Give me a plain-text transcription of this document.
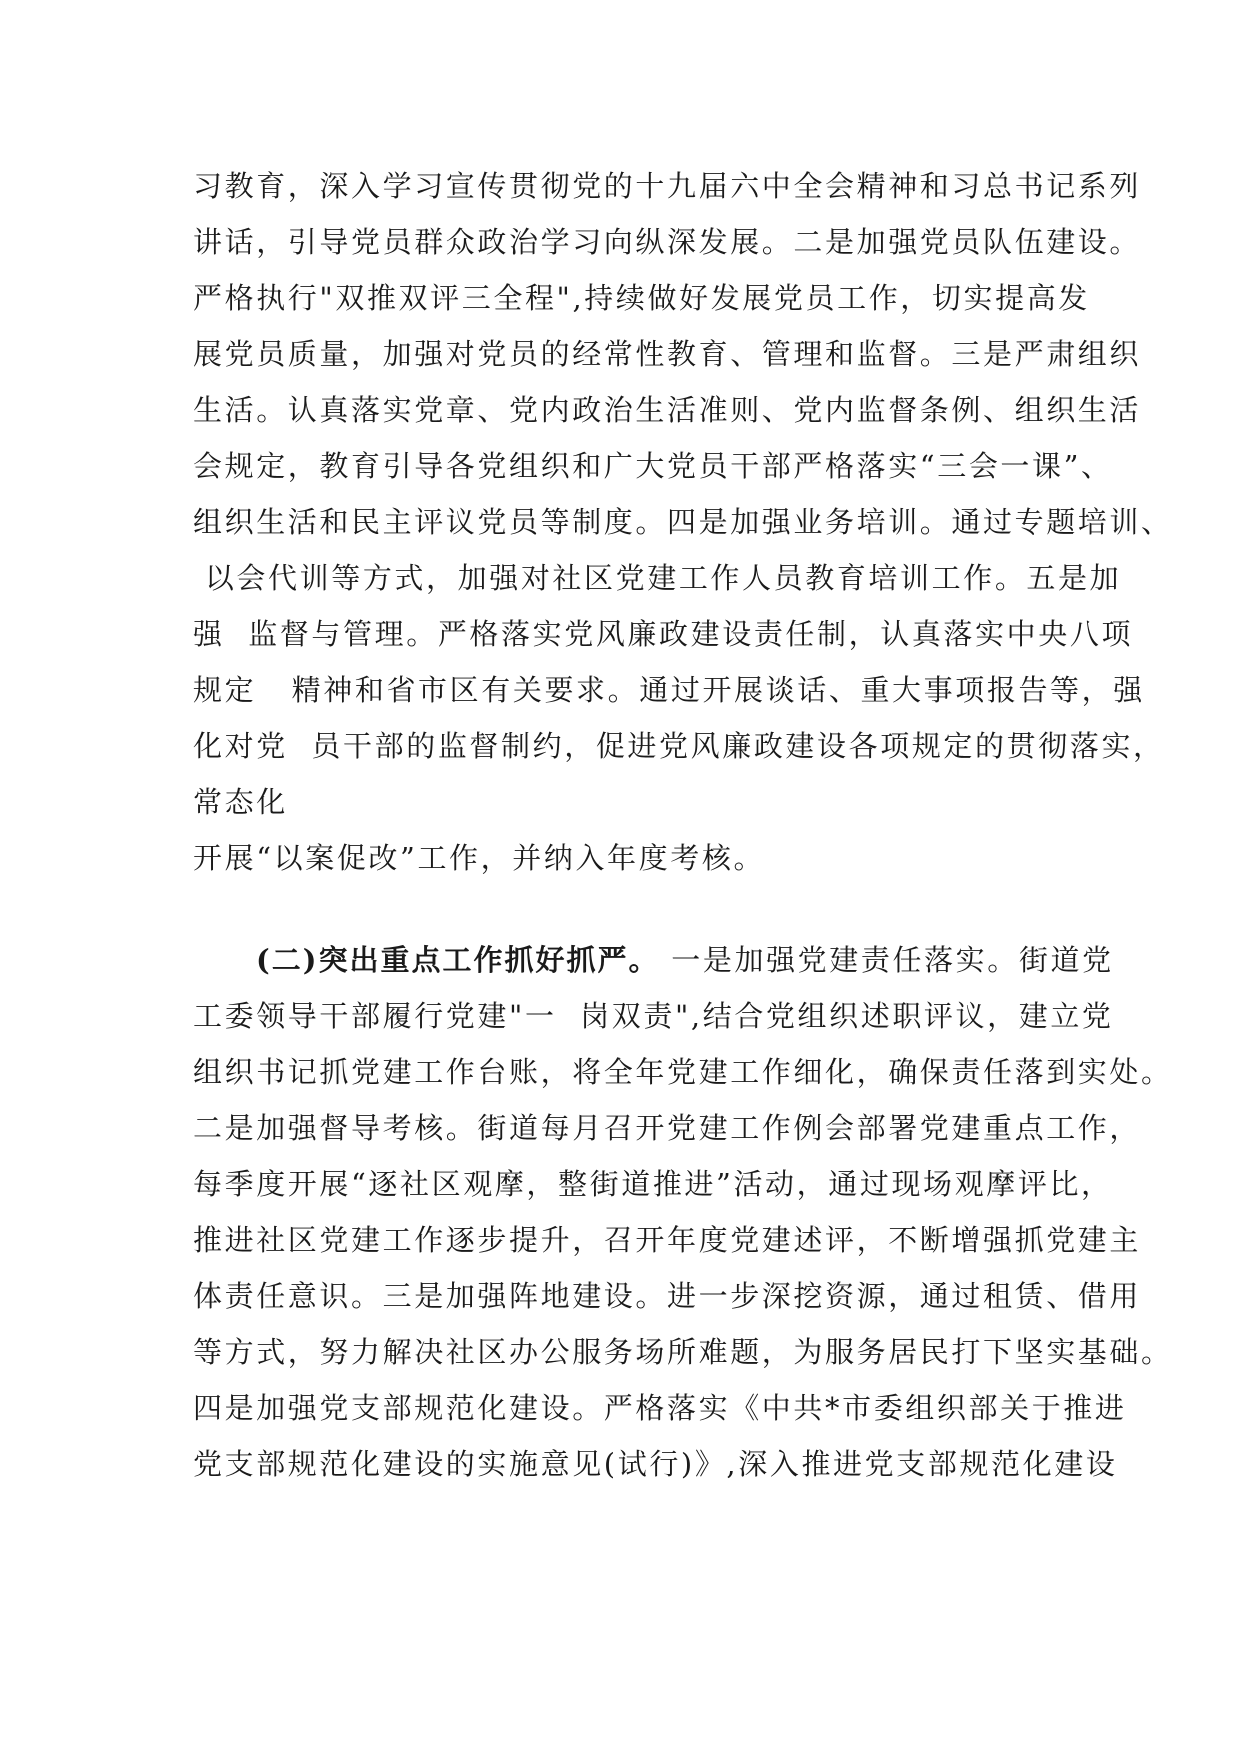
习教育，深入学习宣传贯彻党的十九届六中全会精神和习总书记系列
讲话，引导党员群众政治学习向纵深发展。二是加强党员队伍建设。
严格执行"双推双评三全程",持续做好发展党员工作，切实提高发
展党员质量，加强对党员的经常性教育、管理和监督。三是严肃组织
生活。认真落实党章、党内政治生活准则、党内监督条例、组织生活
会规定，教育引导各党组织和广大党员干部严格落实“三会一课”、
组织生活和民主评议党员等制度。四是加强业务培训。通过专题培训、
以会代训等方式，加强对社区党建工作人员教育培训工作。五是加
强  监督与管理。严格落实党风廉政建设责任制，认真落实中央八项
规定   精神和省市区有关要求。通过开展谈话、重大事项报告等，强
化对党  员干部的监督制约，促进党风廉政建设各项规定的贯彻落实，
常态化
开展“以案促改”工作，并纳入年度考核。
(二)突出重点工作抓好抓严。 一是加强党建责任落实。街道党
工委领导干部履行党建"一  岗双责",结合党组织述职评议，建立党
组织书记抓党建工作台账，将全年党建工作细化，确保责任落到实处。
二是加强督导考核。街道每月召开党建工作例会部署党建重点工作，
每季度开展“逐社区观摩，整街道推进”活动，通过现场观摩评比，
推进社区党建工作逐步提升，召开年度党建述评，不断增强抓党建主
体责任意识。三是加强阵地建设。进一步深挖资源，通过租赁、借用
等方式，努力解决社区办公服务场所难题，为服务居民打下坚实基础。
四是加强党支部规范化建设。严格落实《中共*市委组织部关于推进
党支部规范化建设的实施意见(试行)》,深入推进党支部规范化建设
